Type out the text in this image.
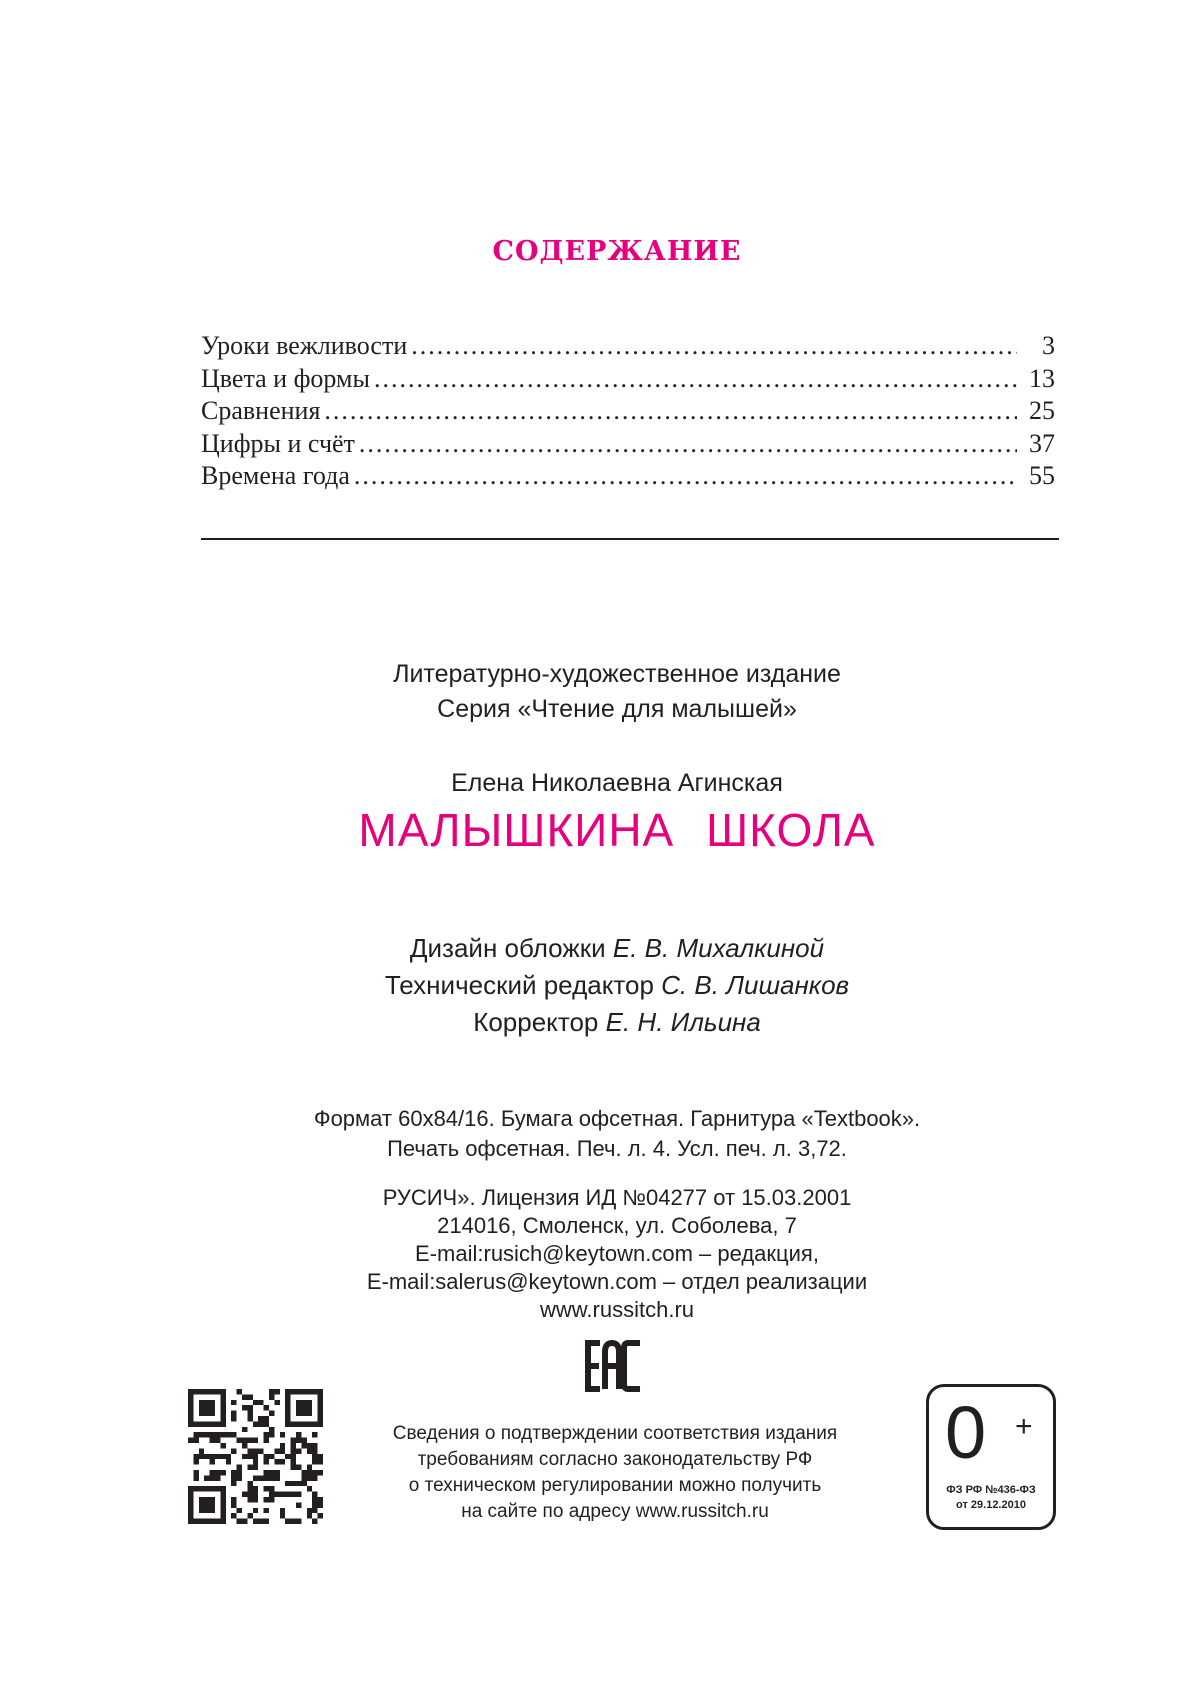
СОДЕРЖАНИЕ
Уроки вежливости .....	3
Цвета и формы .....	13
Сравнения .....	25
Цифры и счёт .....	37
Времена года .....	55
Литературно-художественное издание
Серия «Чтение для малышей»
Елена Николаевна Агинская
МАЛЫШКИНА ШКОЛА
Дизайн обложки Е. В. Михалкиной
Технический редактор С. В. Лишанков
Корректор Е. Н. Ильина
Формат 60x84/16. Бумага офсетная. Гарнитура «Textbook».
Печать офсетная. Печ. л. 4. Усл. печ. л. 3,72.
РУСИЧ». Лицензия ИД №04277 от 15.03.2001
214016, Смоленск, ул. Соболева, 7
E-mail:rusich@keytown.com – редакция,
E-mail:salerus@keytown.com – отдел реализации
www.russitch.ru
Сведения о подтверждении соответствия издания
требованиям согласно законодательству РФ
о техническом регулировании можно получить
на сайте по адресу www.russitch.ru
0 +
ФЗ РФ №436-ФЗ
от 29.12.2010
